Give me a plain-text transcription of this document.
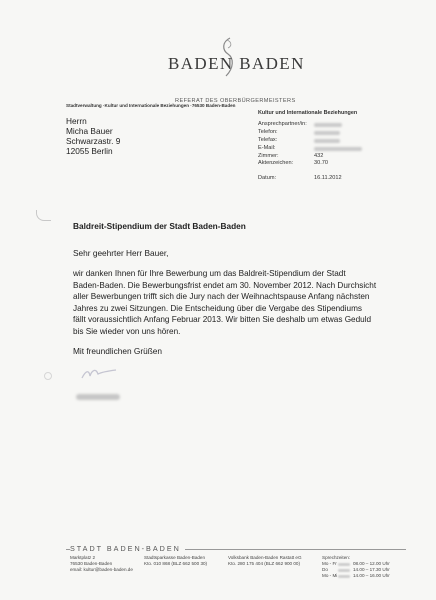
BADEN BADEN
REFERAT DES OBERBÜRGERMEISTERS
Stadtverwaltung ·Kultur und Internationale Beziehungen ·76530 Baden-Baden
Herrn
Micha Bauer
Schwarzastr. 9
12055 Berlin
Kultur und Internationale Beziehungen
Ansprechpartner/in:
Telefon:
Telefax:
E-Mail:
Zimmer:	432
Aktenzeichen:	30.70
Datum:	16.11.2012
Baldreit-Stipendium der Stadt Baden-Baden
Sehr geehrter Herr Bauer,
wir danken Ihnen für Ihre Bewerbung um das Baldreit-Stipendium der Stadt
Baden-Baden. Die Bewerbungsfrist endet am 30. November 2012. Nach Durchsicht
aller Bewerbungen trifft sich die Jury nach der Weihnachtspause Anfang nächsten
Jahres zu zwei Sitzungen. Die Entscheidung über die Vergabe des Stipendiums
fällt voraussichtlich Anfang Februar 2013. Wir bitten Sie deshalb um etwas Geduld
bis Sie wieder von uns hören.
Mit freundlichen Grüßen
STADT BADEN-BADEN
Marktplatz 2
76530 Baden-Baden
email: kultur@baden-baden.de
Stadtsparkasse Baden-Baden
Kto. 010 868 (BLZ 662 500 30)
Volksbank Baden-Baden Rastatt eG
Kto. 280 175 404 (BLZ 662 900 00)
Sprechzeiten:
Mo - Fr	08.00 – 12.00 Uhr
Do	14.00 – 17.30 Uhr
Mo - Mi	14.00 – 16.00 Uhr
